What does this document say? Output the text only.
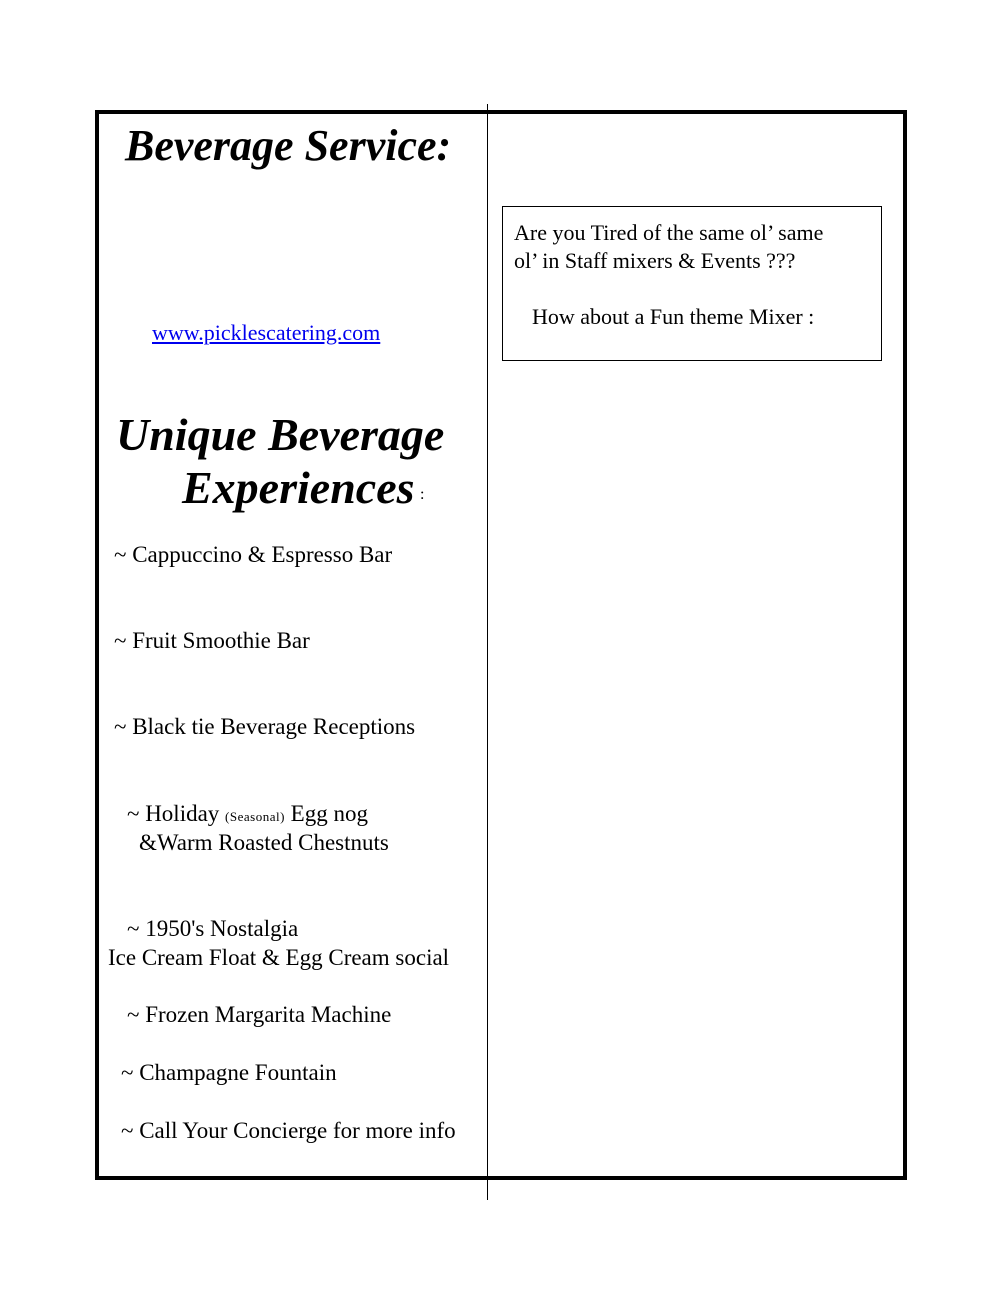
Beverage Service:
www.picklescatering.com
Unique Beverage
Experiences :
~ Cappuccino & Espresso Bar
~ Fruit Smoothie Bar
~ Black tie Beverage Receptions
~ Holiday (Seasonal) Egg nog
&Warm Roasted Chestnuts
~ 1950's Nostalgia
Ice Cream Float & Egg Cream social
~ Frozen Margarita Machine
~ Champagne Fountain
~ Call Your Concierge for more info
Are you Tired of the same ol’ same
ol’ in Staff mixers & Events ???
How about a Fun theme Mixer :
